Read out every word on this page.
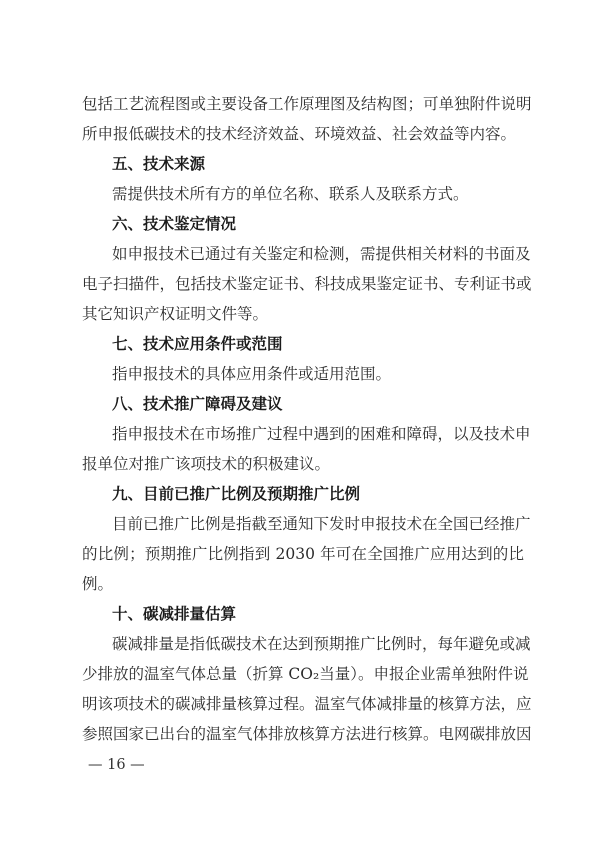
包括工艺流程图或主要设备工作原理图及结构图；可单独附件说明
所申报低碳技术的技术经济效益、环境效益、社会效益等内容。
五、技术来源
需提供技术所有方的单位名称、联系人及联系方式。
六、技术鉴定情况
如申报技术已通过有关鉴定和检测，需提供相关材料的书面及
电子扫描件，包括技术鉴定证书、科技成果鉴定证书、专利证书或
其它知识产权证明文件等。
七、技术应用条件或范围
指申报技术的具体应用条件或适用范围。
八、技术推广障碍及建议
指申报技术在市场推广过程中遇到的困难和障碍，以及技术申
报单位对推广该项技术的积极建议。
九、目前已推广比例及预期推广比例
目前已推广比例是指截至通知下发时申报技术在全国已经推广
的比例；预期推广比例指到 2030 年可在全国推广应用达到的比
例。
十、碳减排量估算
碳减排量是指低碳技术在达到预期推广比例时，每年避免或减
少排放的温室气体总量（折算 CO₂当量）。申报企业需单独附件说
明该项技术的碳减排量核算过程。温室气体减排量的核算方法，应
参照国家已出台的温室气体排放核算方法进行核算。电网碳排放因
— 16 —
